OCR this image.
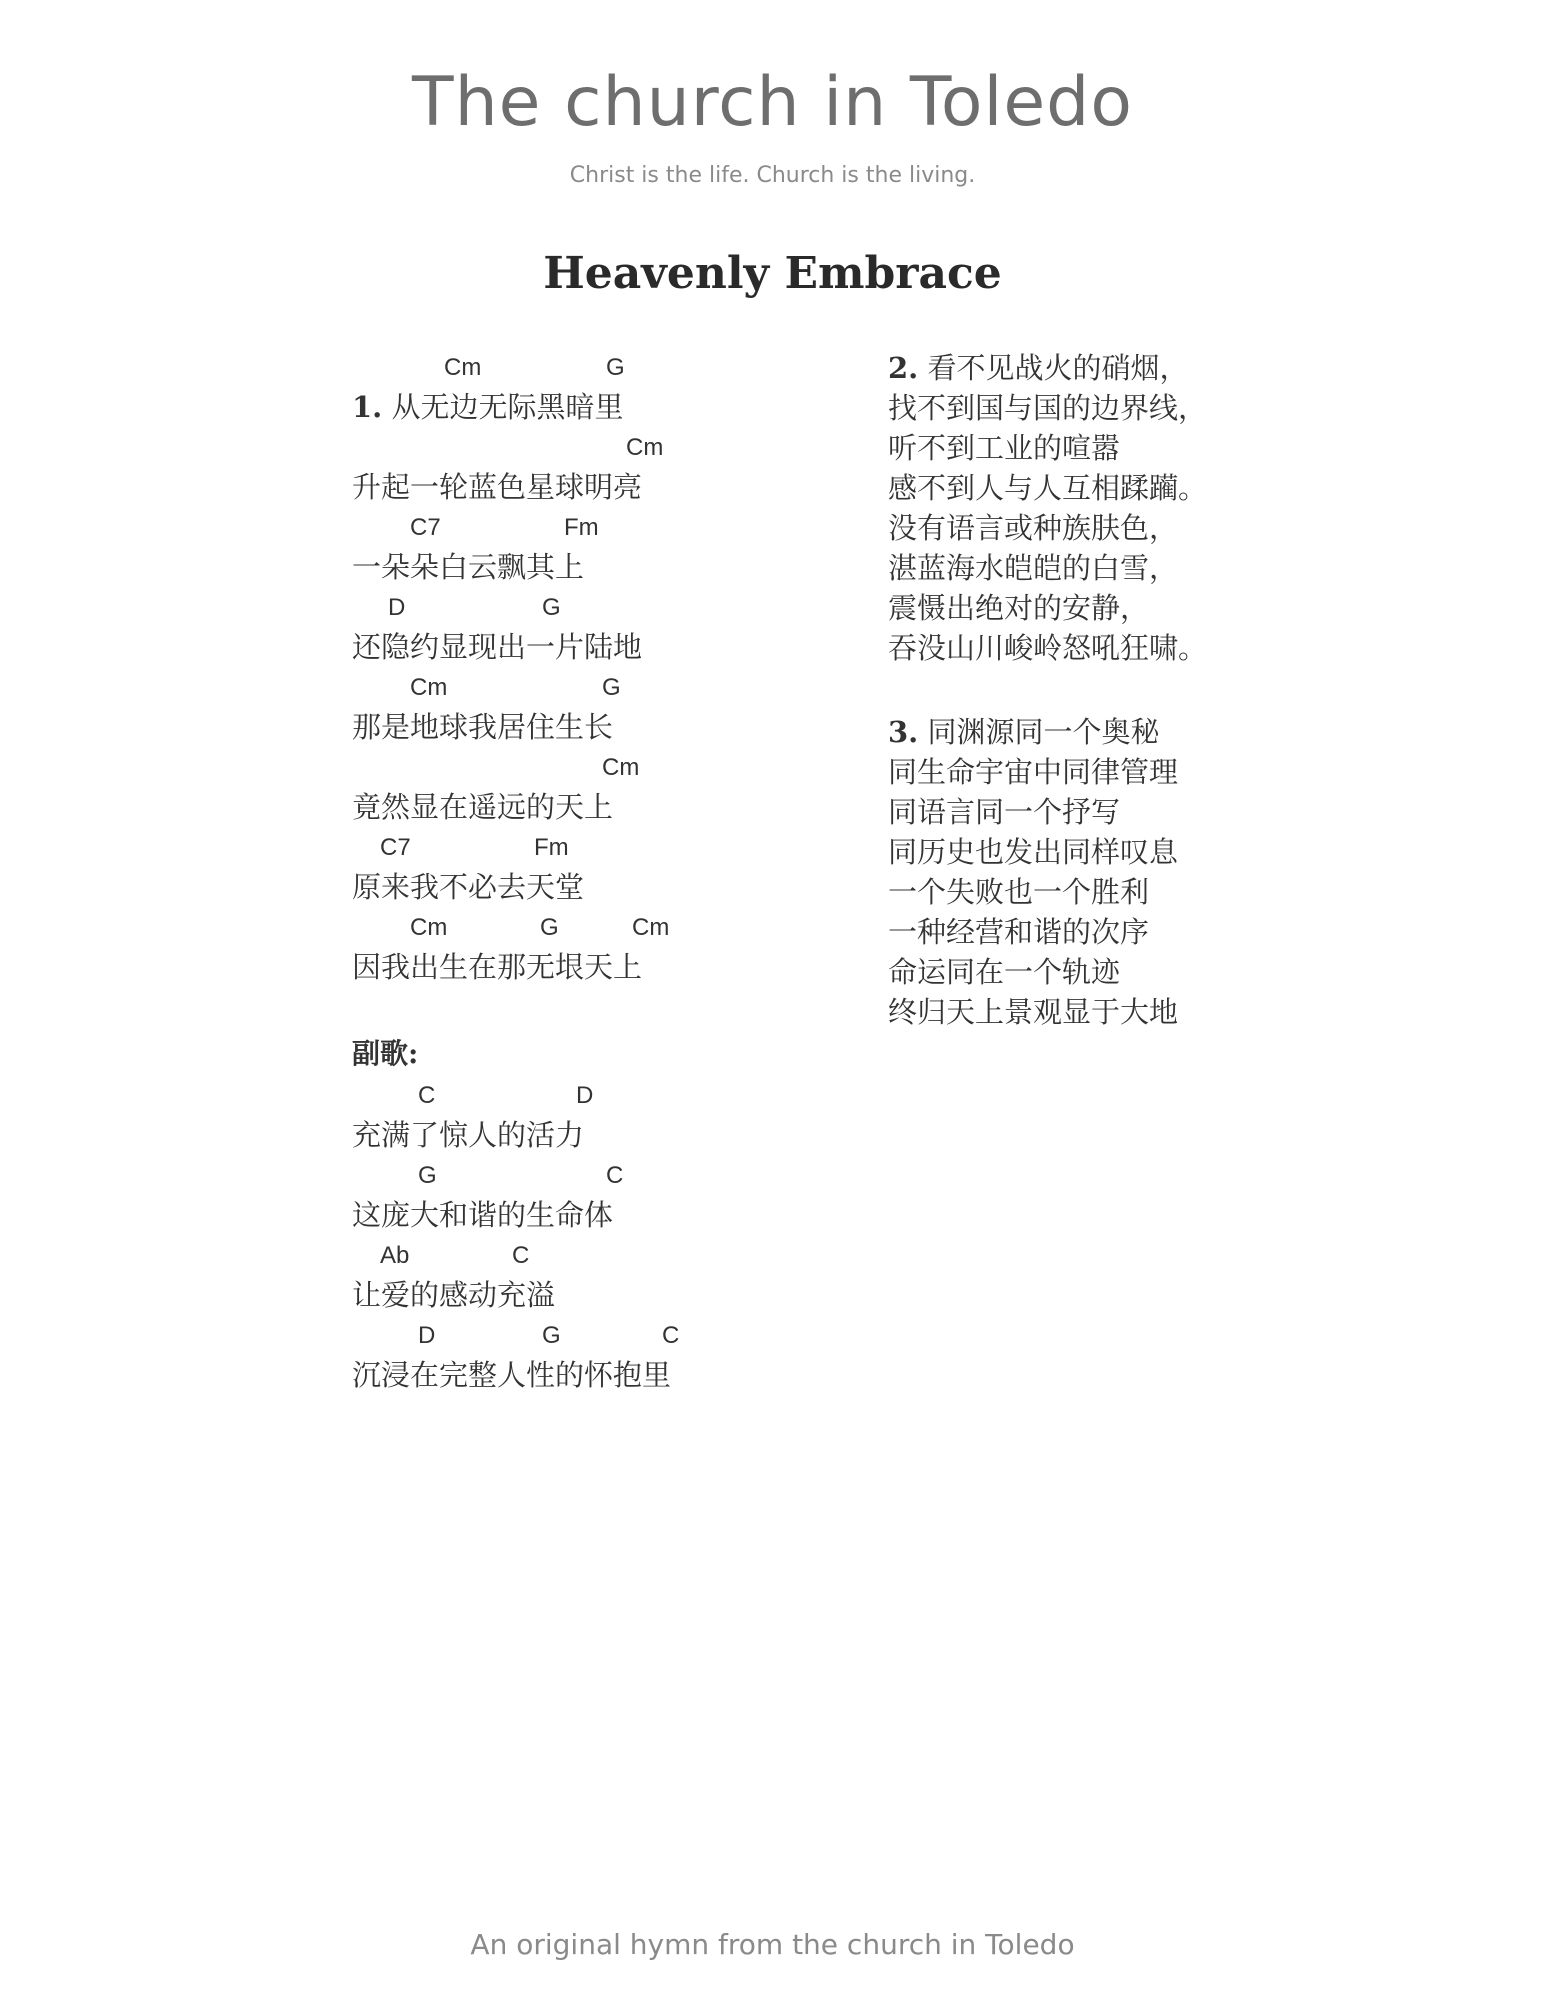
The church in Toledo
Christ is the life. Church is the living.
Heavenly Embrace
Cm	G
1. 从无边无际黑暗里
Cm
升起一轮蓝色星球明亮
C7	Fm
一朵朵白云飘其上
D	G
还隐约显现出一片陆地
Cm	G
那是地球我居住生长
Cm
竟然显在遥远的天上
C7	Fm
原来我不必去天堂
Cm	G	Cm
因我出生在那无垠天上
副歌:
C	D
充满了惊人的活力
G	C
这庞大和谐的生命体
Ab	C
让爱的感动充溢
D	G	C
沉浸在完整人性的怀抱里
2. 看不见战火的硝烟，
找不到国与国的边界线，
听不到工业的喧嚣
感不到人与人互相蹂躏。
没有语言或种族肤色，
湛蓝海水皑皑的白雪，
震慑出绝对的安静，
吞没山川峻岭怒吼狂啸。
3. 同渊源同一个奥秘
同生命宇宙中同律管理
同语言同一个抒写
同历史也发出同样叹息
一个失败也一个胜利
一种经营和谐的次序
命运同在一个轨迹
终归天上景观显于大地
An original hymn from the church in Toledo
